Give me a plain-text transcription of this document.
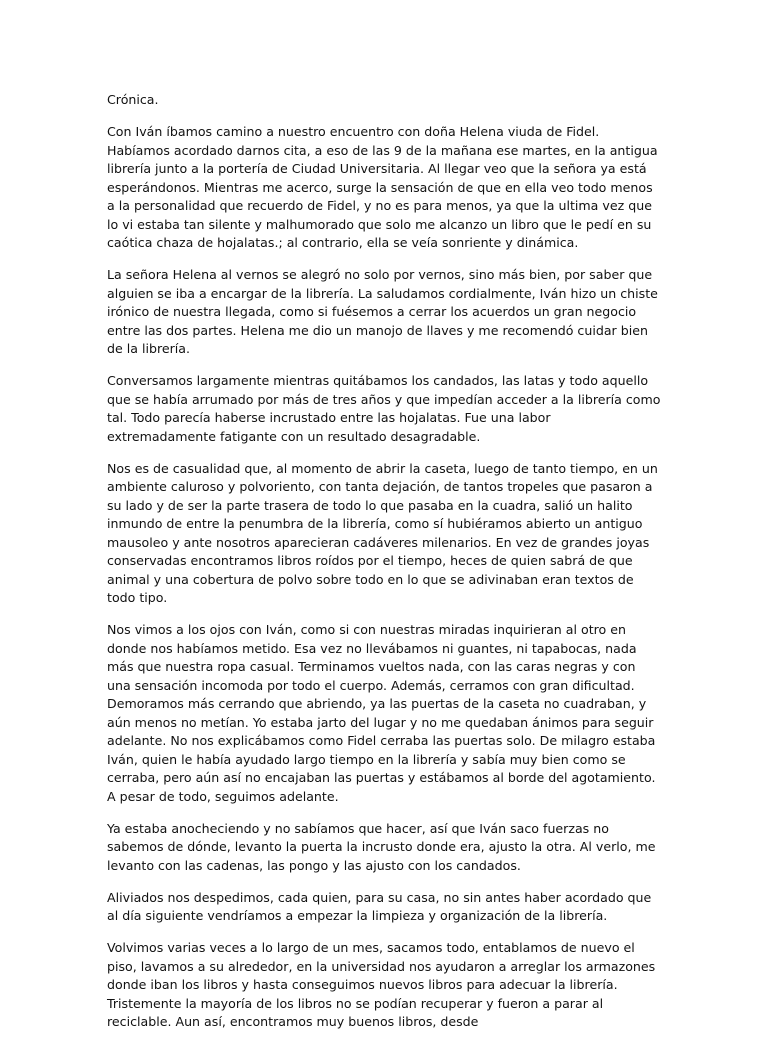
Crónica.

Con Iván íbamos camino a nuestro encuentro con doña Helena viuda de Fidel. Habíamos acordado darnos cita, a eso de las 9 de la mañana ese martes, en la antigua librería junto a la portería de Ciudad Universitaria. Al llegar veo que la señora ya está esperándonos. Mientras me acerco, surge la sensación de que en ella veo todo menos a la personalidad que recuerdo de Fidel, y no es para menos, ya que la ultima vez que lo vi estaba tan silente y malhumorado que solo me alcanzo un libro que le pedí en su caótica chaza de hojalatas.; al contrario, ella se veía sonriente y dinámica.

La señora Helena al vernos se alegró no solo por vernos, sino más bien, por saber que alguien se iba a encargar de la librería. La saludamos cordialmente, Iván hizo un chiste irónico de nuestra llegada, como si fuésemos a cerrar los acuerdos un gran negocio entre las dos partes. Helena me dio un manojo de llaves y me recomendó cuidar bien de la librería.

Conversamos largamente mientras quitábamos los candados, las latas y todo aquello que se había arrumado por más de tres años y que impedían acceder a la librería como tal. Todo parecía haberse incrustado entre las hojalatas. Fue una labor extremadamente fatigante con un resultado desagradable.

Nos es de casualidad que, al momento de abrir la caseta, luego de tanto tiempo, en un ambiente caluroso y polvoriento, con tanta dejación, de tantos tropeles que pasaron a su lado y de ser la parte trasera de todo lo que pasaba en la cuadra, salió un halito inmundo de entre la penumbra de la librería, como sí hubiéramos abierto un antiguo mausoleo y ante nosotros aparecieran cadáveres milenarios. En vez de grandes joyas conservadas encontramos libros roídos por el tiempo, heces de quien sabrá de que animal y una cobertura de polvo sobre todo en lo que se adivinaban eran textos de todo tipo.

Nos vimos a los ojos con Iván, como si con nuestras miradas inquirieran al otro en donde nos habíamos metido. Esa vez no llevábamos ni guantes, ni tapabocas, nada más que nuestra ropa casual. Terminamos vueltos nada, con las caras negras y con una sensación incomoda por todo el cuerpo. Además, cerramos con gran dificultad. Demoramos más cerrando que abriendo, ya las puertas de la caseta no cuadraban, y aún menos no metían. Yo estaba jarto del lugar y no me quedaban ánimos para seguir adelante. No nos explicábamos como Fidel cerraba las puertas solo. De milagro estaba Iván, quien le había ayudado largo tiempo en la librería y sabía muy bien como se cerraba, pero aún así no encajaban las puertas y estábamos al borde del agotamiento. A pesar de todo, seguimos adelante.

Ya estaba anocheciendo y no sabíamos que hacer, así que Iván saco fuerzas no sabemos de dónde, levanto la puerta la incrusto donde era, ajusto la otra. Al verlo, me levanto con las cadenas, las pongo y las ajusto con los candados.

Aliviados nos despedimos, cada quien, para su casa, no sin antes haber acordado que al día siguiente vendríamos a empezar la limpieza y organización de la librería.

Volvimos varias veces a lo largo de un mes, sacamos todo, entablamos de nuevo el piso, lavamos a su alrededor, en la universidad nos ayudaron a arreglar los armazones donde iban los libros y hasta conseguimos nuevos libros para adecuar la librería. Tristemente la mayoría de los libros no se podían recuperar y fueron a parar al reciclable. Aun así, encontramos muy buenos libros, desde
